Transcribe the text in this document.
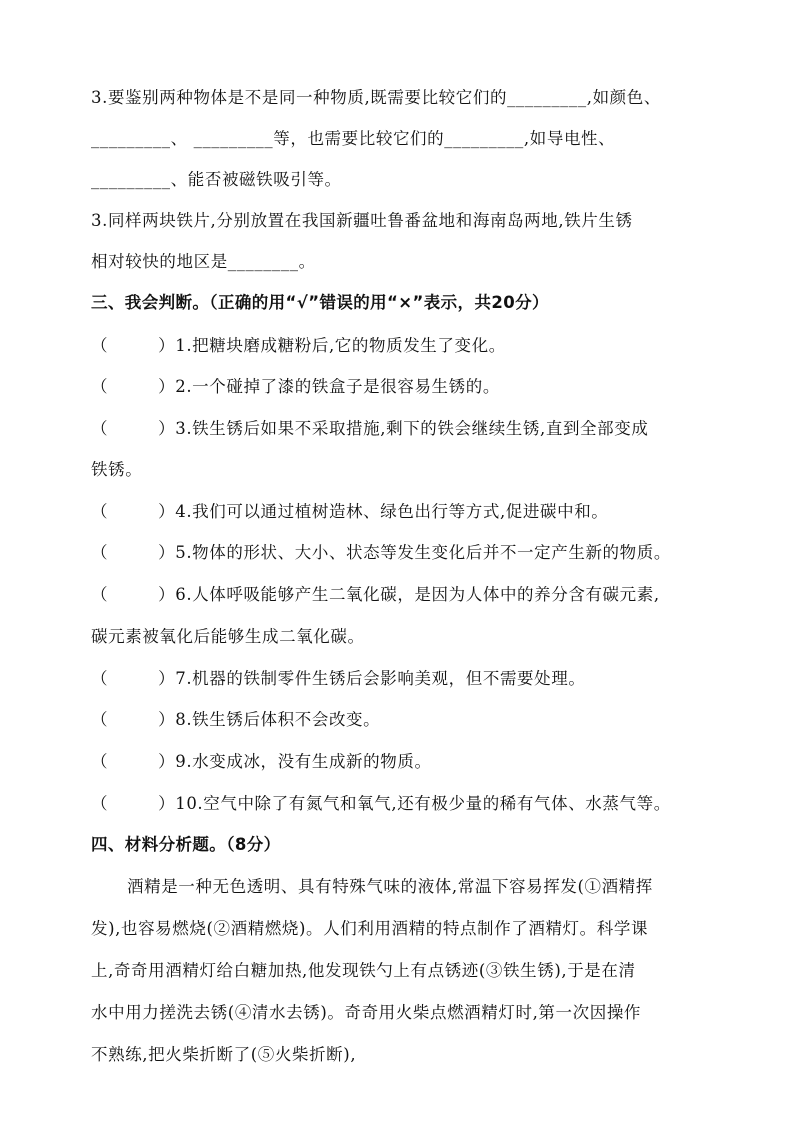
3.要鉴别两种物体是不是同一种物质,既需要比较它们的_________,如颜色、
_________、 _________等，也需要比较它们的_________,如导电性、
_________、能否被磁铁吸引等。
3.同样两块铁片,分别放置在我国新疆吐鲁番盆地和海南岛两地,铁片生锈
相对较快的地区是________。
三、我会判断。（正确的用“√”错误的用“×”表示，共20分）
（	）1.把糖块磨成糖粉后,它的物质发生了变化。
（	）2.一个碰掉了漆的铁盒子是很容易生锈的。
（	）3.铁生锈后如果不采取措施,剩下的铁会继续生锈,直到全部变成
铁锈。
（	）4.我们可以通过植树造林、绿色出行等方式,促进碳中和。
（	）5.物体的形状、大小、状态等发生变化后并不一定产生新的物质。
（	）6.人体呼吸能够产生二氧化碳，是因为人体中的养分含有碳元素,
碳元素被氧化后能够生成二氧化碳。
（	）7.机器的铁制零件生锈后会影响美观，但不需要处理。
（	）8.铁生锈后体积不会改变。
（	）9.水变成冰，没有生成新的物质。
（	）10.空气中除了有氮气和氧气,还有极少量的稀有气体、水蒸气等。
四、材料分析题。（8分）
酒精是一种无色透明、具有特殊气味的液体,常温下容易挥发(①酒精挥
发),也容易燃烧(②酒精燃烧)。人们利用酒精的特点制作了酒精灯。科学课
上,奇奇用酒精灯给白糖加热,他发现铁勺上有点锈迹(③铁生锈),于是在清
水中用力搓洗去锈(④清水去锈)。奇奇用火柴点燃酒精灯时,第一次因操作
不熟练,把火柴折断了(⑤火柴折断),
